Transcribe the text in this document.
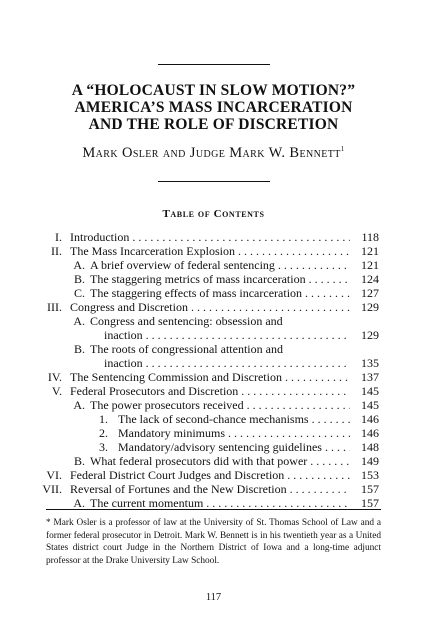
A “HOLOCAUST IN SLOW MOTION?”
AMERICA’S MASS INCARCERATION
AND THE ROLE OF DISCRETION
Mark Osler and Judge Mark W. Bennett$^1$
Table of Contents
I. Introduction . . .	118
II. The Mass Incarceration Explosion . . .	121
A. A brief overview of federal sentencing . . .	121
B. The staggering metrics of mass incarceration . . .	124
C. The staggering effects of mass incarceration . . .	127
III. Congress and Discretion . . .	129
A. Congress and sentencing: obsession and
inaction . . .	129
B. The roots of congressional attention and
inaction . . .	135
IV. The Sentencing Commission and Discretion . . .	137
V. Federal Prosecutors and Discretion . . .	145
A. The power prosecutors received . . .	145
1. The lack of second-chance mechanisms . . .	146
2. Mandatory minimums . . .	146
3. Mandatory/advisory sentencing guidelines . . .	148
B. What federal prosecutors did with that power . . .	149
VI. Federal District Court Judges and Discretion . . .	153
VII. Reversal of Fortunes and the New Discretion . . .	157
A. The current momentum . . .	157
* Mark Osler is a professor of law at the University of St. Thomas School of Law and a former federal prosecutor in Detroit. Mark W. Bennett is in his twentieth year as a United States district court Judge in the Northern District of Iowa and a long-time adjunct professor at the Drake University Law School.
117
